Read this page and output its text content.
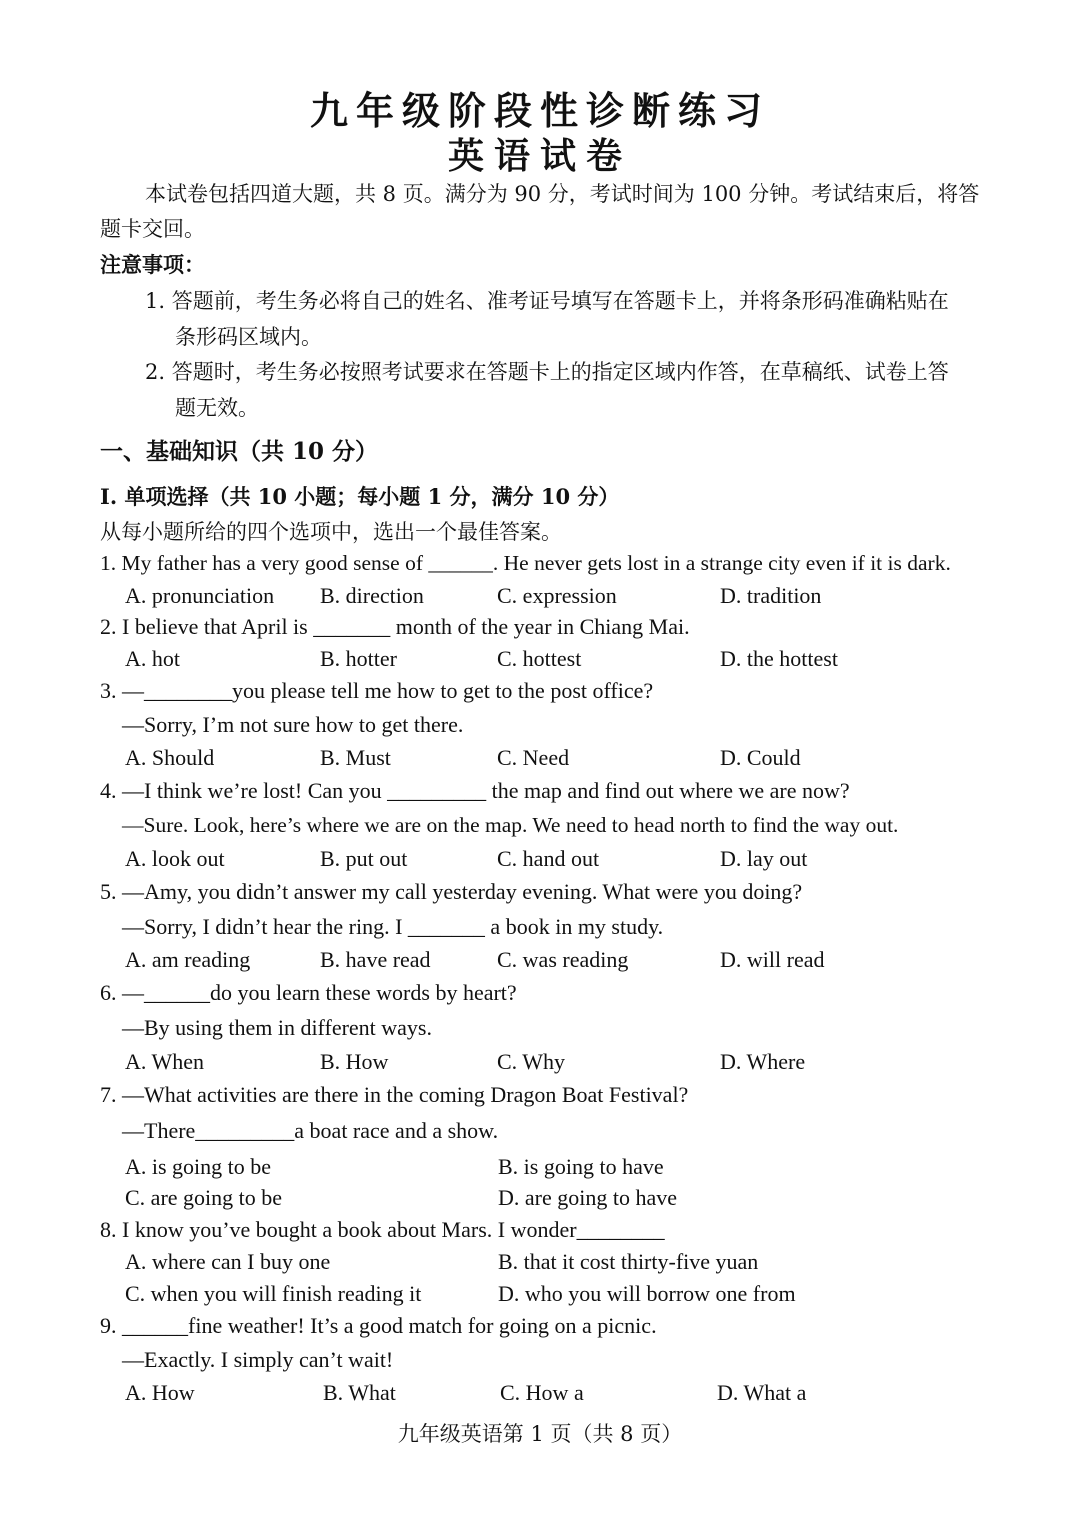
九年级阶段性诊断练习
英语试卷
本试卷包括四道大题，共 8 页。满分为 90 分，考试时间为 100 分钟。考试结束后，将答
题卡交回。
注意事项：
1. 答题前，考生务必将自己的姓名、准考证号填写在答题卡上，并将条形码准确粘贴在
条形码区域内。
2. 答题时，考生务必按照考试要求在答题卡上的指定区域内作答，在草稿纸、试卷上答
题无效。
一、基础知识（共 10 分）
I. 单项选择（共 10 小题；每小题 1 分，满分 10 分）
从每小题所给的四个选项中，选出一个最佳答案。
1. My father has a very good sense of ______. He never gets lost in a strange city even if it is dark.
A. pronunciation B. direction	C. expression	D. tradition
2. I believe that April is _______ month of the year in Chiang Mai.
A. hot	B. hotter	C. hottest	D. the hottest
3. —________you please tell me how to get to the post office?
—Sorry, I’m not sure how to get there.
A. Should	B. Must	C. Need	D. Could
4. —I think we’re lost! Can you _________ the map and find out where we are now?
—Sure. Look, here’s where we are on the map. We need to head north to find the way out.
A. look out	B. put out	C. hand out	D. lay out
5. —Amy, you didn’t answer my call yesterday evening. What were you doing?
—Sorry, I didn’t hear the ring. I _______ a book in my study.
A. am reading	B. have read	C. was reading	D. will read
6. —______do you learn these words by heart?
—By using them in different ways.
A. When	B. How	C. Why	D. Where
7. —What activities are there in the coming Dragon Boat Festival?
—There_________a boat race and a show.
A. is going to be	B. is going to have
C. are going to be	D. are going to have
8. I know you’ve bought a book about Mars. I wonder________
A. where can I buy one	B. that it cost thirty-five yuan
C. when you will finish reading it	D. who you will borrow one from
9. ______fine weather! It’s a good match for going on a picnic.
—Exactly. I simply can’t wait!
A. How	B. What	C. How a	D. What a
九年级英语第 1 页（共 8 页）
